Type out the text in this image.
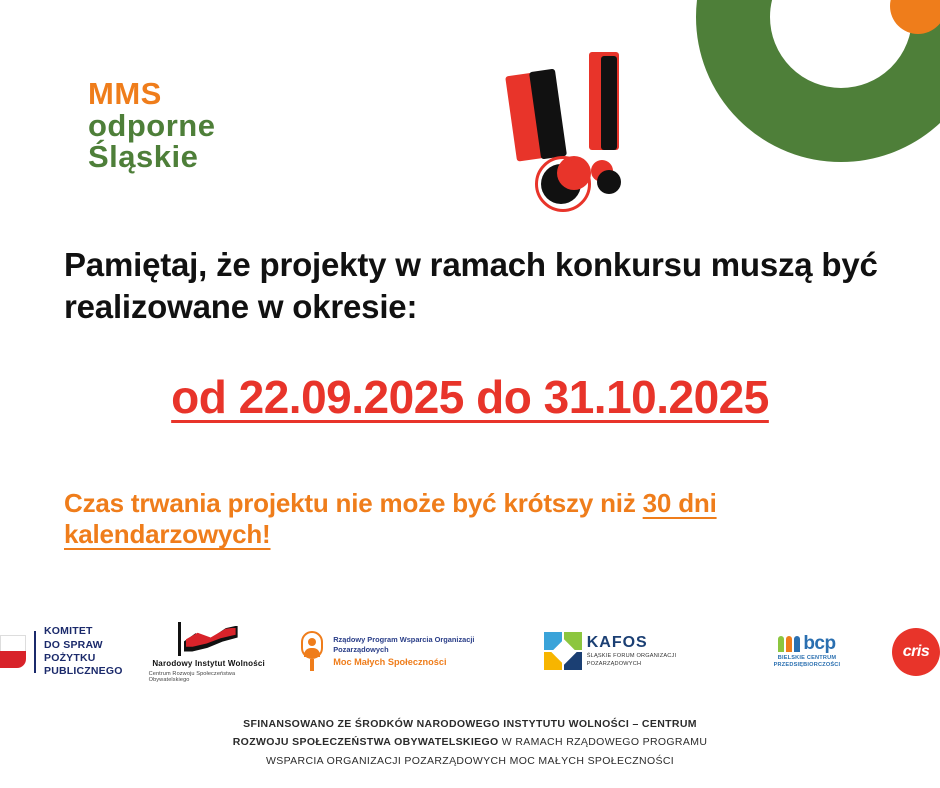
MMS
odporne
Śląskie
Pamiętaj, że projekty w ramach konkursu muszą być realizowane w okresie:
od 22.09.2025 do 31.10.2025
Czas trwania projektu nie może być krótszy niż 30 dni kalendarzowych!
KOMITET
DO SPRAW
POŻYTKU
PUBLICZNEGO
Narodowy Instytut Wolności
Centrum Rozwoju Społeczeństwa Obywatelskiego
Rządowy Program Wsparcia Organizacji Pozarządowych
Moc Małych Społeczności
KAFOS
ŚLĄSKIE FORUM ORGANIZACJI POZARZĄDOWYCH
bcp
BIELSKIE CENTRUM PRZEDSIĘBIORCZOŚCI
cris
SFINANSOWANO ZE ŚRODKÓW NARODOWEGO INSTYTUTU WOLNOŚCI – CENTRUM
ROZWOJU SPOŁECZEŃSTWA OBYWATELSKIEGO W RAMACH RZĄDOWEGO PROGRAMU
WSPARCIA ORGANIZACJI POZARZĄDOWYCH MOC MAŁYCH SPOŁECZNOŚCI
